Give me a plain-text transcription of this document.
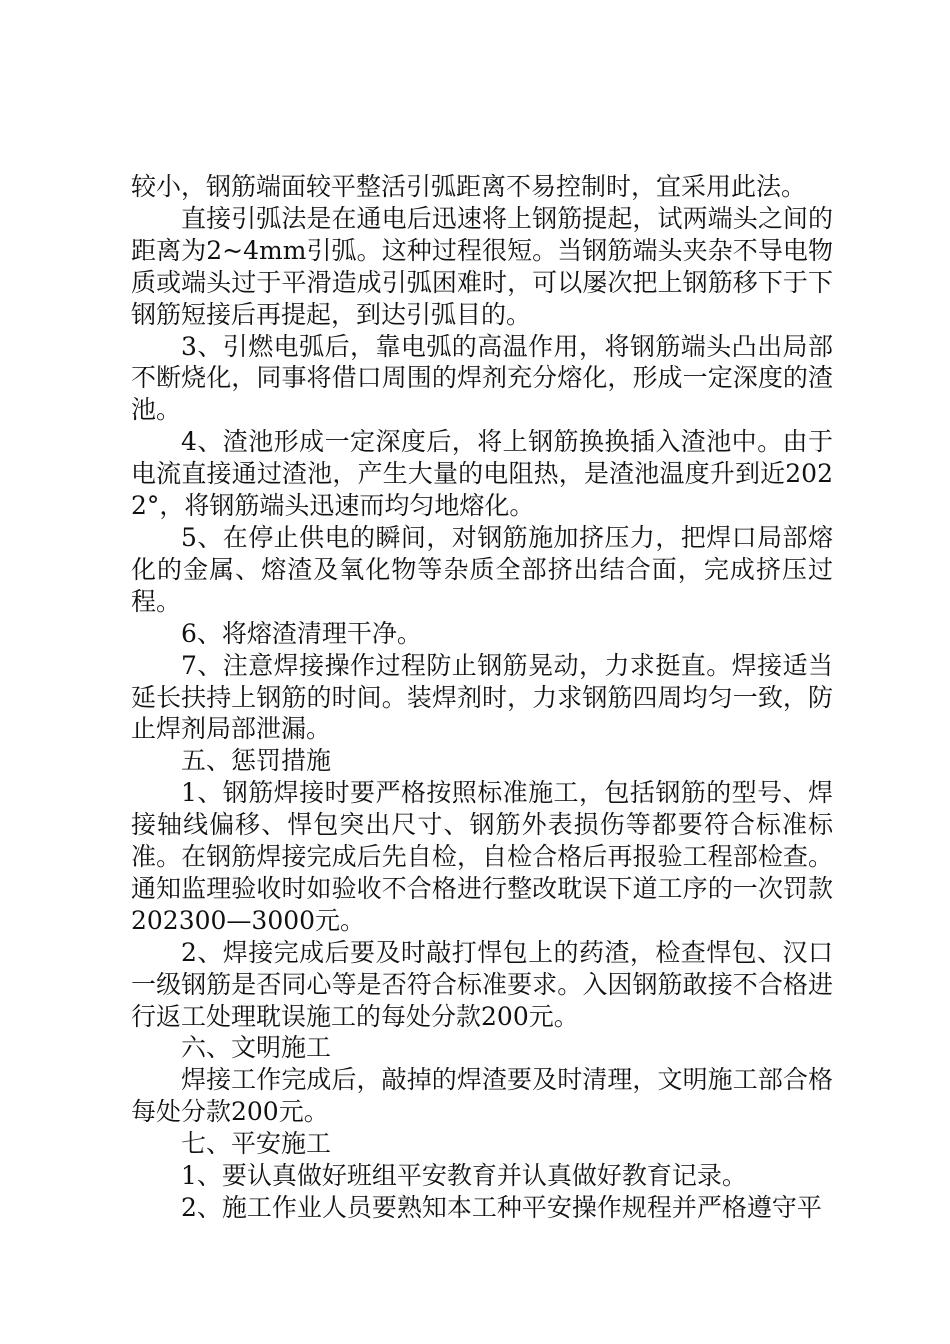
较小，钢筋端面较平整活引弧距离不易控制时，宜采用此法。

直接引弧法是在通电后迅速将上钢筋提起，试两端头之间的距离为2~4mm引弧。这种过程很短。当钢筋端头夹杂不导电物质或端头过于平滑造成引弧困难时，可以屡次把上钢筋移下于下钢筋短接后再提起，到达引弧目的。

3、引燃电弧后，靠电弧的高温作用，将钢筋端头凸出局部不断烧化，同事将借口周围的焊剂充分熔化，形成一定深度的渣池。

4、渣池形成一定深度后，将上钢筋换换插入渣池中。由于电流直接通过渣池，产生大量的电阻热，是渣池温度升到近2022°，将钢筋端头迅速而均匀地熔化。

5、在停止供电的瞬间，对钢筋施加挤压力，把焊口局部熔化的金属、熔渣及氧化物等杂质全部挤出结合面，完成挤压过程。

6、将熔渣清理干净。

7、注意焊接操作过程防止钢筋晃动，力求挺直。焊接适当延长扶持上钢筋的时间。装焊剂时，力求钢筋四周均匀一致，防止焊剂局部泄漏。

五、惩罚措施

1、钢筋焊接时要严格按照标准施工，包括钢筋的型号、焊接轴线偏移、悍包突出尺寸、钢筋外表损伤等都要符合标准标准。在钢筋焊接完成后先自检，自检合格后再报验工程部检查。通知监理验收时如验收不合格进行整改耽误下道工序的一次罚款202300—3000元。

2、焊接完成后要及时敲打悍包上的药渣，检查悍包、汉口一级钢筋是否同心等是否符合标准要求。入因钢筋敢接不合格进行返工处理耽误施工的每处分款200元。

六、文明施工

焊接工作完成后，敲掉的焊渣要及时清理，文明施工部合格每处分款200元。

七、平安施工

1、要认真做好班组平安教育并认真做好教育记录。

2、施工作业人员要熟知本工种平安操作规程并严格遵守平
